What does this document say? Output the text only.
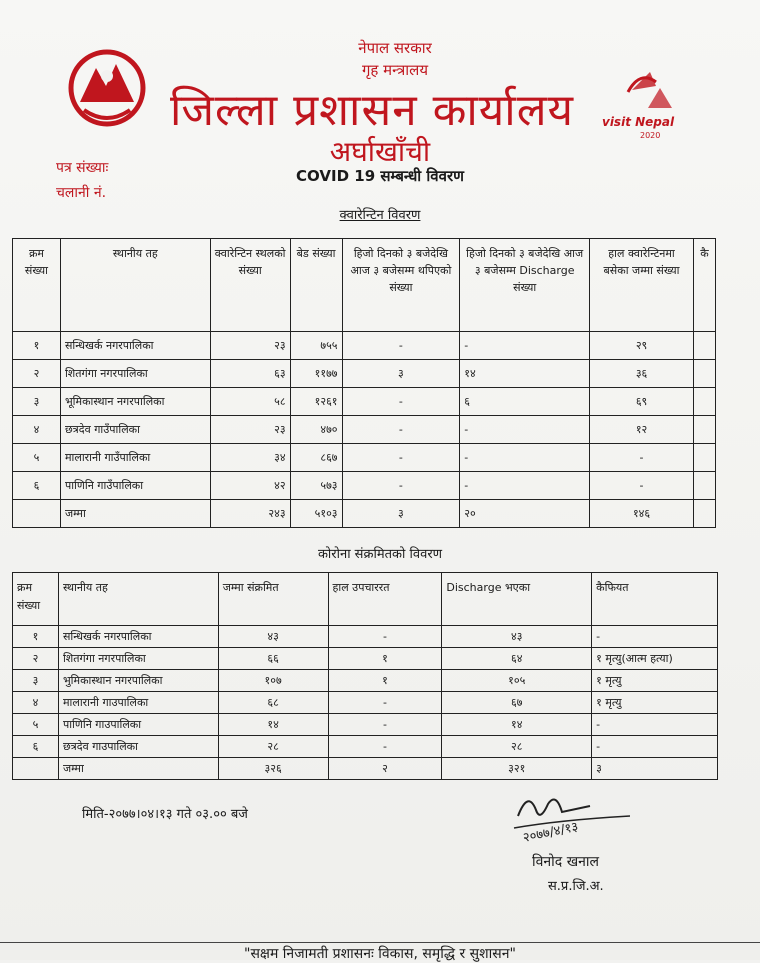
नेपाल सरकार
गृह मन्त्रालय
जिल्ला प्रशासन कार्यालय
अर्घाखाँची
visit Nepal
2020
पत्र संख्याः
चलानी नं.
COVID 19 सम्बन्धी विवरण
क्वारेन्टिन विवरण
क्रम संख्या	स्थानीय तह	क्वारेन्टिन स्थलको संख्या	बेड संख्या	हिजो दिनको ३ बजेदेखि आज ३ बजेसम्म थपिएको संख्या	हिजो दिनको ३ बजेदेखि आज ३ बजेसम्म Discharge संख्या	हाल क्वारेन्टिनमा बसेका जम्मा संख्या	कै
१	सन्धिखर्क नगरपालिका	२३	७५५	-	-	२९	
२	शितगंगा नगरपालिका	६३	११७७	३	१४	३६	
३	भूमिकास्थान नगरपालिका	५८	१२६१	-	६	६९	
४	छत्रदेव गाउँपालिका	२३	४७०	-	-	१२	
५	मालारानी गाउँपालिका	३४	८६७	-	-	-	
६	पाणिनि गाउँपालिका	४२	५७३	-	-	-	
	जम्मा	२४३	५१०३	३	२०	१४६	
कोरोना संक्रमितको विवरण
क्रम संख्या	स्थानीय तह	जम्मा संक्रमित	हाल उपचाररत	Discharge भएका	कैफियत
१	सन्धिखर्क नगरपालिका	४३	-	४३	-
२	शितगंगा नगरपालिका	६६	१	६४	१ मृत्यु(आत्म हत्या)
३	भुमिकास्थान नगरपालिका	१०७	१	१०५	१ मृत्यु
४	मालारानी गाउपालिका	६८	-	६७	१ मृत्यु
५	पाणिनि गाउपालिका	१४	-	१४	-
६	छत्रदेव गाउपालिका	२८	-	२८	-
	जम्मा	३२६	२	३२१	३
मिति-२०७७।०४।१३ गते ०३.०० बजे
२०७७/४/१३
विनोद खनाल
स.प्र.जि.अ.
"सक्षम निजामती प्रशासनः विकास, समृद्धि र सुशासन"
